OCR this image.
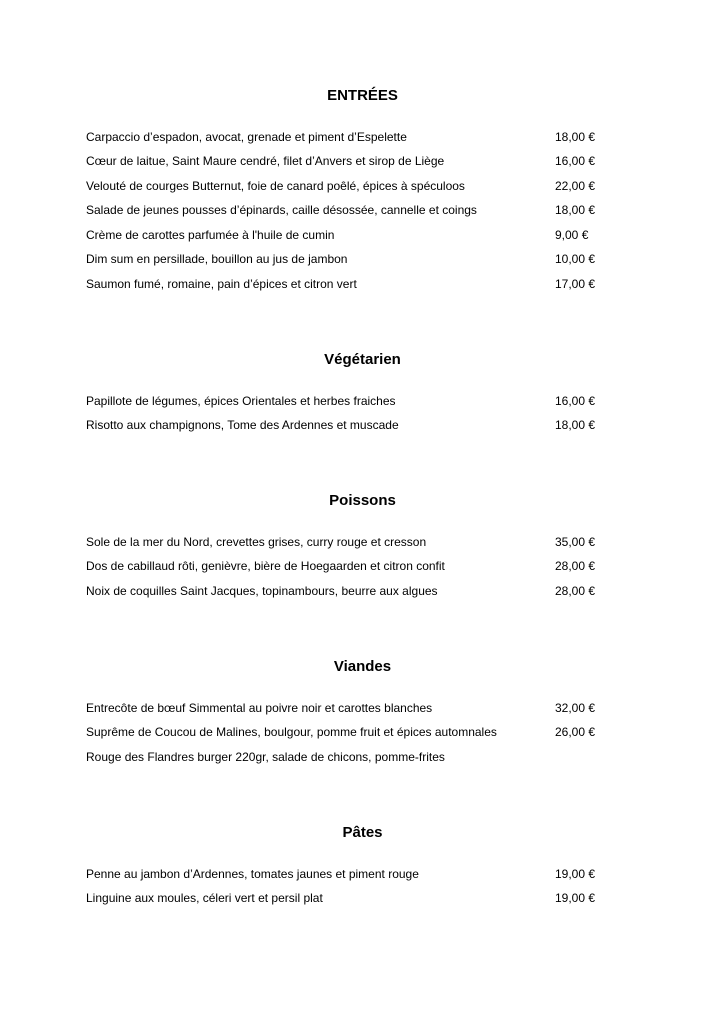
ENTRÉES
Carpaccio d’espadon, avocat, grenade et piment d’Espelette	18,00 €
Cœur de laitue, Saint Maure cendré, filet d’Anvers et sirop de Liège	16,00 €
Velouté de courges Butternut, foie de canard poêlé, épices à spéculoos	22,00 €
Salade de jeunes pousses d’épinards, caille désossée, cannelle et coings	18,00 €
Crème de carottes parfumée à l'huile de cumin	9,00 €
Dim sum en persillade, bouillon au jus de jambon	10,00 €
Saumon fumé, romaine, pain d’épices et citron vert	17,00 €
Végétarien
Papillote de légumes, épices Orientales et herbes fraiches	16,00 €
Risotto aux champignons, Tome des Ardennes et muscade	18,00 €
Poissons
Sole de la mer du Nord, crevettes grises, curry rouge et cresson	35,00 €
Dos de cabillaud rôti, genièvre, bière de Hoegaarden et citron confit	28,00 €
Noix de coquilles Saint Jacques, topinambours, beurre aux algues	28,00 €
Viandes
Entrecôte de bœuf Simmental au poivre noir et carottes blanches	32,00 €
Suprême de Coucou de Malines, boulgour, pomme fruit et épices automnales	26,00 €
Rouge des Flandres burger 220gr, salade de chicons, pomme-frites
Pâtes
Penne au jambon d’Ardennes, tomates jaunes et piment rouge	19,00 €
Linguine aux moules, céleri vert et persil plat	19,00 €
